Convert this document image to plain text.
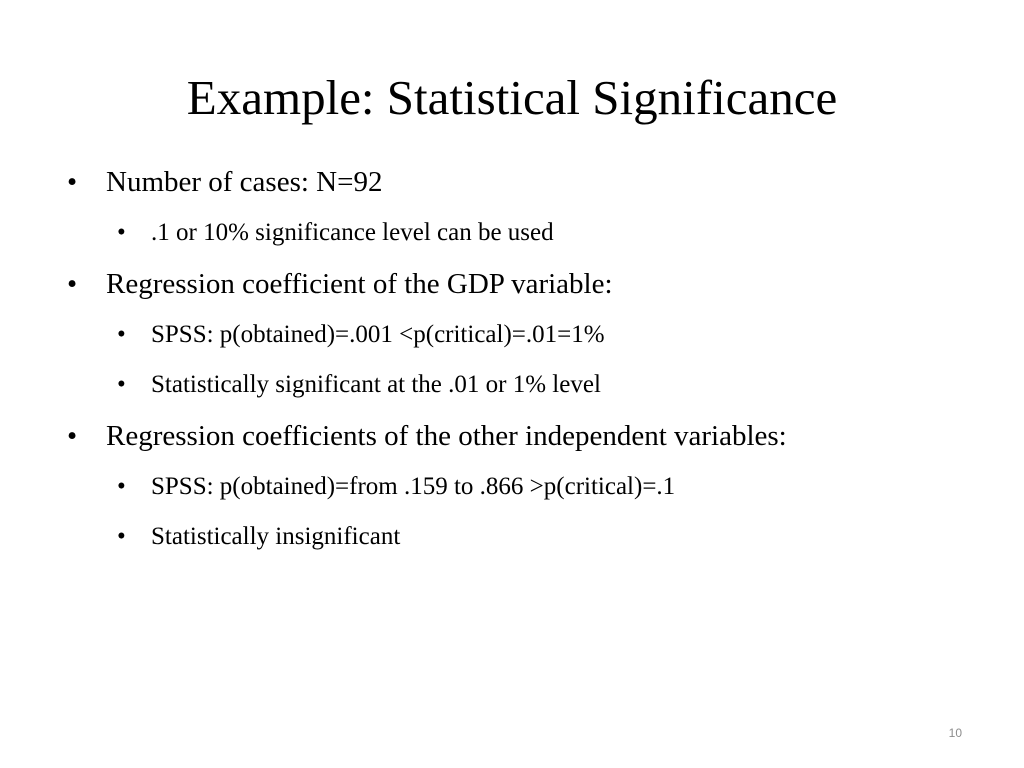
Example: Statistical Significance
• Number of cases: N=92
• .1 or 10% significance level can be used
• Regression coefficient of the GDP variable:
• SPSS: p(obtained)=.001 <p(critical)=.01=1%
• Statistically significant at the .01 or 1% level
• Regression coefficients of the other independent variables:
• SPSS: p(obtained)=from .159 to .866 >p(critical)=.1
• Statistically insignificant
10
